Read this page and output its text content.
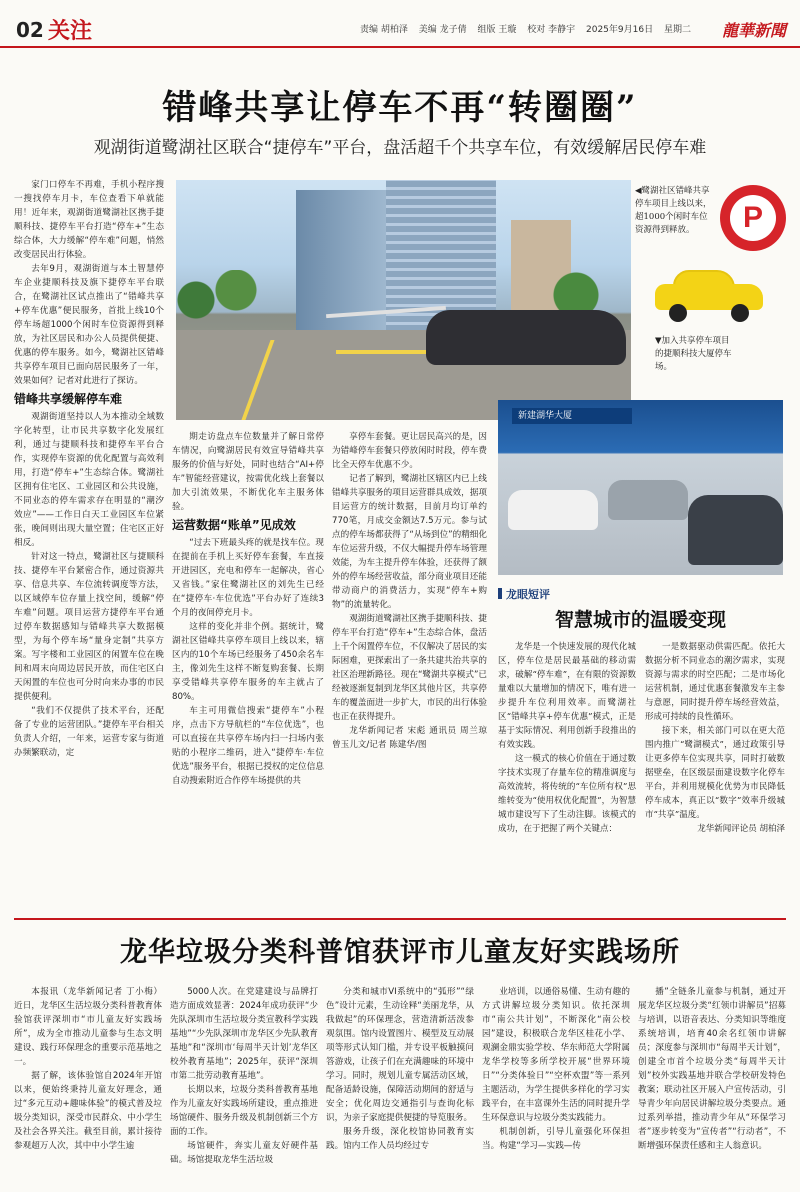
02 关注	责编 胡柏泽 美编 龙子倩 组版 王璇 校对 李静宇 2025年9月16日 星期二	龍華新聞
错峰共享让停车不再“转圈圈”
观湖街道鹭湖社区联合“捷停车”平台，盘活超千个共享车位，有效缓解居民停车难

家门口停车不再难，手机小程序搜一搜找停车月卡，车位查看下单就能用！近年来，观湖街道鹭湖社区携手捷顺科技、捷停车平台打造“停车+”生态综合体，大力缓解“停车难”问题，悄然改变居民出行体验。

去年9月，观湖街道与本土智慧停车企业捷顺科技及旗下捷停车平台联合，在鹭湖社区试点推出了“错峰共享+停车优惠”便民服务，首批上线10个停车场超1000个闲时车位资源得到释放，为社区居民和办公人员提供便捷、优惠的停车服务。如今，鹭湖社区错峰共享停车项目已面向居民服务了一年，效果如何？记者对此进行了探访。

错峰共享缓解停车难

观湖街道坚持以人为本推动全域数字化转型，让市民共享数字化发展红利，通过与捷顺科技和捷停车平台合作，实现停车资源的优化配置与高效利用，打造“停车+”生态综合体。鹭湖社区拥有住宅区、工业园区和公共设施，不同业态的停车需求存在明显的“潮汐效应”——工作日白天工业园区车位紧张，晚间则出现大量空置；住宅区正好相反。

针对这一特点，鹭湖社区与捷顺科技、捷停车平台紧密合作，通过资源共享、信息共享、车位流转调度等方法，以区域停车位存量上找空间，缓解“停车难”问题。项目运营方捷停车平台通过停车数据感知与错峰共享大数据模型，为每个停车场“量身定制”共享方案。写字楼和工业园区的闲置车位在晚间和周末向周边居民开放，而住宅区白天闲置的车位也可分时向来办事的市民提供便利。

“我们不仅提供了技术平台，还配备了专业的运营团队。”捷停车平台相关负责人介绍，一年来，运营专家与街道办频繁联动，定

◀鹭湖社区错峰共享停车项目上线以来，超1000个闲时车位资源得到释放。	P
▼加入共享停车项目的捷顺科技大厦停车场。
新建湖华大厦

期走访盘点车位数量并了解日常停车情况，向鹭湖居民有效宣导错峰共享服务的价值与好处，同时也结合“AI+停车”智能经营建议，按需优化线上套餐以加大引流效果，不断优化车主服务体验。

运营数据“账单”见成效

“过去下班最头疼的就是找车位。现在提前在手机上买好停车套餐，车直接开进园区，充电和停车一起解决，省心又省钱。”家住鹭湖社区的刘先生已经在“捷停车·车位优选”平台办好了连续3个月的夜间停充月卡。

这样的变化并非个例。据统计，鹭湖社区错峰共享停车项目上线以来，辖区内的10个车场已经服务了450余名车主，像刘先生这样不断复购套餐、长期享受错峰共享停车服务的车主就占了80%。

车主可用微信搜索“捷停车”小程序，点击下方导航栏的“车位优选”，也可以直接在共享停车场内扫一扫场内张贴的小程序二维码，进入“捷停车·车位优选”服务平台，根据已授权的定位信息自动搜索附近合作停车场提供的共

享停车套餐。更让居民高兴的是，因为错峰停车套餐只停放闲时时段，停车费比全天停车优惠不少。

记者了解到，鹭湖社区辖区内已上线错峰共享服务的项目运营群具成效，据项目运营方的统计数据，目前月均订单约770笔，月成交金额达7.5万元。参与试点的停车场都获得了“从场到位”的精细化车位运营升级，不仅大幅提升停车场管理效能，为车主提升停车体验，还获得了额外的停车场经营收益，部分商业项目还能带动商户的消费活力，实现“停车+购物”的流量转化。

观湖街道鹭湖社区携手捷顺科技、捷停车平台打造“停车+”生态综合体，盘活上千个闲置停车位，不仅解决了居民的实际困难，更探索出了一条共建共治共享的社区治理新路径。现在“鹭湖共享模式”已经被逐渐复制到龙华区其他片区，共享停车的覆盖面进一步扩大，市民的出行体验也正在获得提升。

龙华新闻记者 宋彪 通讯员 周兰琼 曾玉儿文/记者 陈建华/图

龙眼短评
智慧城市的温暖变现

龙华是一个快速发展的现代化城区，停车位是居民最基础的移动需求，破解“停车难”，在有限的资源数量难以大量增加的情况下，唯有进一步提升车位利用效率。而鹭湖社区“错峰共享+停车优惠”模式，正是基于实际情况、利用创新手段推出的有效实践。

这一模式的核心价值在于通过数字技术实现了存量车位的精准调度与高效流转，将传统的“车位所有权”思维转变为“使用权优化配置”，为智慧城市建设写下了生动注脚。该模式的成功，在于把握了两个关键点：

一是数据驱动供需匹配。依托大数据分析不同业态的潮汐需求，实现资源与需求的时空匹配；二是市场化运营机制，通过优惠套餐激发车主参与意愿，同时提升停车场经营效益，形成可持续的良性循环。

接下来，相关部门可以在更大范围内推广“鹭湖模式”，通过政策引导让更多停车位实现共享，同时打破数据壁垒，在区级层面建设数字化停车平台，并利用规模化优势为市民降低停车成本，真正以“数字”效率升级城市“共享”温度。

龙华新闻评论员 胡柏泽

龙华垃圾分类科普馆获评市儿童友好实践场所

本报讯（龙华新闻记者 丁小梅）近日，龙华区生活垃圾分类科普教育体验馆获评深圳市“市儿童友好实践场所”，成为全市推动儿童参与生态文明建设、践行环保理念的重要示范基地之一。

据了解，该体验馆自2024年开馆以来，便始终秉持儿童友好理念，通过“多元互动+趣味体验”的模式普及垃圾分类知识，深受市民群众、中小学生及社会各界关注。截至目前，累计接待参观超万人次，其中中小学生逾

5000人次。在党建建设与品牌打造方面成效显著：2024年成功获评“少先队深圳市生活垃圾分类宣教科学实践基地”“少先队深圳市龙华区少先队教育基地”和“深圳市‘每周半天计划’龙华区校外教育基地”；2025年，获评“深圳市第二批劳动教育基地”。

长期以来，垃圾分类科普教育基地作为儿童友好实践场所建设，重点推进场馆硬件、服务升级及机制创新三个方面的工作。

场馆硬件，奔实儿童友好硬件基础。场馆提取龙华生活垃圾

分类和城市VI系统中的“弧形”“绿色”设计元素，生动诠释“美丽龙华，从我做起”的环保理念，营造清新活泼参观氛围。馆内设置图片、模型及互动展项等形式认知门槛，并专设平板触摸问答游戏，让孩子们在充满趣味的环境中学习。同时，规划儿童专属活动区域，配备适龄设施，保障活动期间的舒适与安全；优化周边交通指引与查询化标识，为亲子家庭提供便捷的导览服务。

服务升级，深化校馆协同教育实践。馆内工作人员均经过专

业培训，以通俗易懂、生动有趣的方式讲解垃圾分类知识。依托深圳市“南公共计划”，不断深化“南公校园”建设，积极联合龙华区桂花小学、观澜金鼎实验学校、华东师范大学附属龙华学校等多所学校开展“世界环境日”“分类体验日”“空杯欢盟”等一系列主题活动，为学生提供多样化的学习实践平台，在丰富课外生活的同时提升学生环保意识与垃圾分类实践能力。

机制创新，引导儿童强化环保担当。构建“学习—实践—传

播”全链条儿童参与机制，通过开展龙华区垃圾分类“红领巾讲解员”招募与培训，以语音表达、分类知识等维度系统培训，培育40余名红领巾讲解员；深度参与深圳市“每周半天计划”，创建全市首个垃圾分类“每周半天计划”校外实践基地并联合学校研发特色教案；联动社区开展入户宣传活动，引导青少年向居民讲解垃圾分类要点。通过系列举措，推动青少年从“环保学习者”逐步转变为“宣传者”“行动者”，不断增强环保责任感和主人翁意识。
